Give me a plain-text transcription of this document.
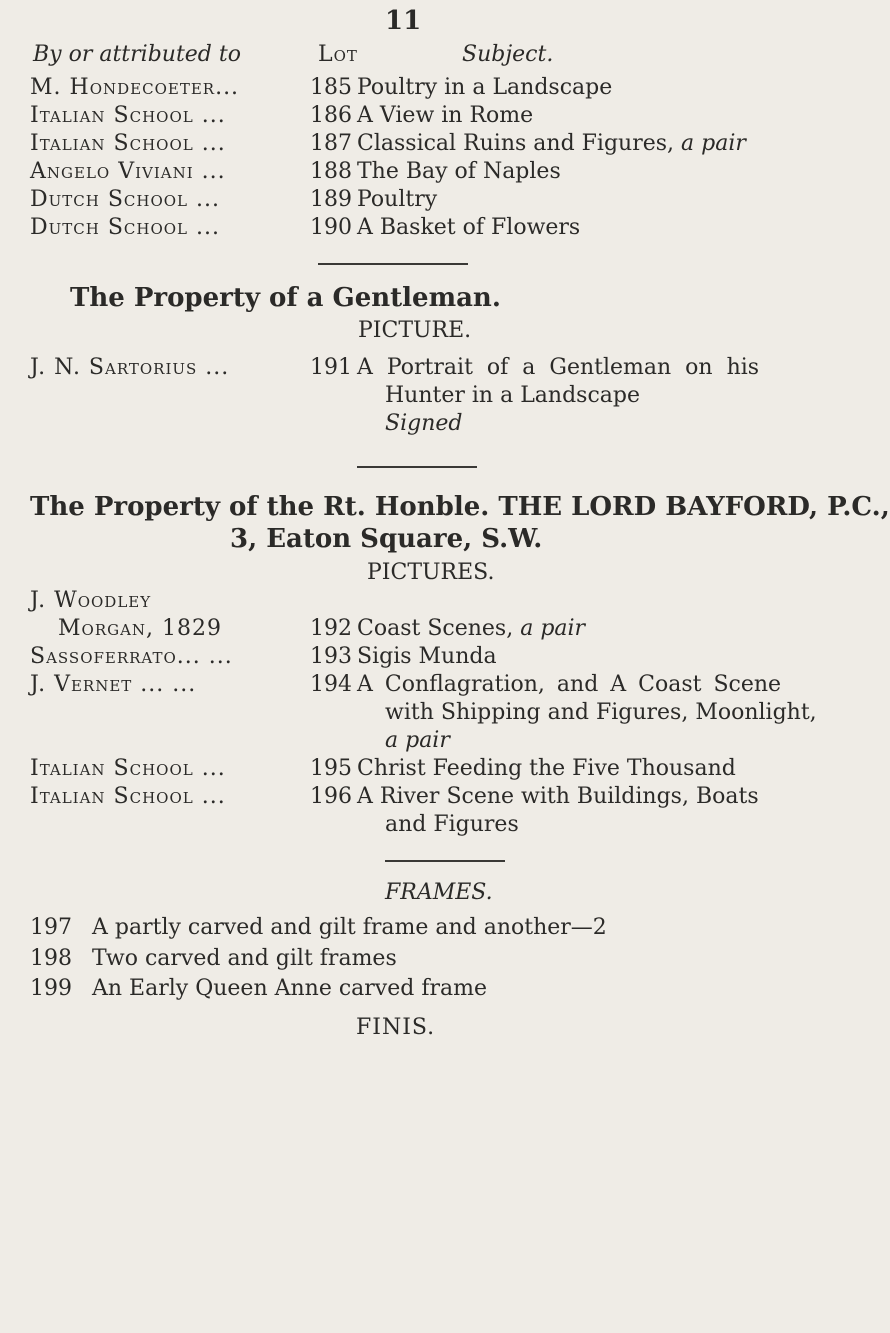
11
By or attributed to	Lot	Subject.
M. Hondecoeter...	185 Poultry in a Landscape
Italian School ...	186 A View in Rome
Italian School ...	187 Classical Ruins and Figures, a pair
Angelo Viviani ...	188 The Bay of Naples
Dutch School ...	189 Poultry
Dutch School ...	190 A Basket of Flowers
The Property of a Gentleman.
PICTURE.
J. N. Sartorius ...	191 A Portrait of a Gentleman on his
Hunter in a Landscape
Signed
The Property of the Rt. Honble. THE LORD BAYFORD, P.C.,
3, Eaton Square, S.W.
PICTURES.
J. Woodley
Morgan, 1829	192 Coast Scenes, a pair
Sassoferrato... ...	193 Sigis Munda
J. Vernet ... ...	194 A Conflagration, and A Coast Scene
with Shipping and Figures, Moonlight,
a pair
Italian School ...	195 Christ Feeding the Five Thousand
Italian School ...	196 A River Scene with Buildings, Boats
and Figures
FRAMES.
197 A partly carved and gilt frame and another—2
198 Two carved and gilt frames
199 An Early Queen Anne carved frame
FINIS.
